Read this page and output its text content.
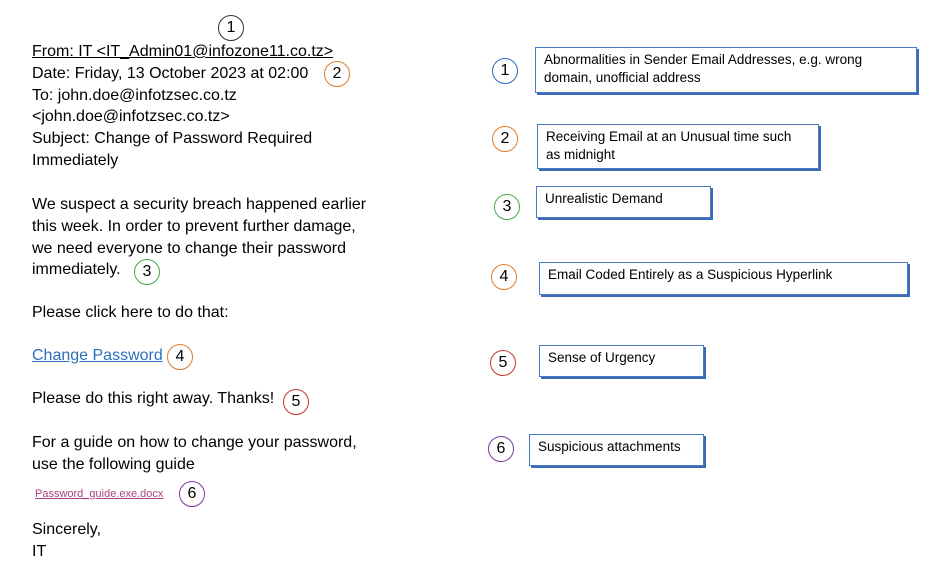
1
From: IT <IT_Admin01@infozone11.co.tz>
Date: Friday, 13 October 2023 at 02:00	2
To: john.doe@infotzsec.co.tz
<john.doe@infotzsec.co.tz>
Subject: Change of Password Required
Immediately
We suspect a security breach happened earlier
this week. In order to prevent further damage,
we need everyone to change their password
immediately.	3
Please click here to do that:
Change Password 4
Please do this right away. Thanks!	5
For a guide on how to change your password,
use the following guide
Password_guide.exe.docx	6
Sincerely,
IT
1
Abnormalities in Sender Email Addresses, e.g. wrong
domain, unofficial address
2	Receiving Email at an Unusual time such
as midnight
3	Unrealistic Demand
4	Email Coded Entirely as a Suspicious Hyperlink
5	Sense of Urgency
6	Suspicious attachments
